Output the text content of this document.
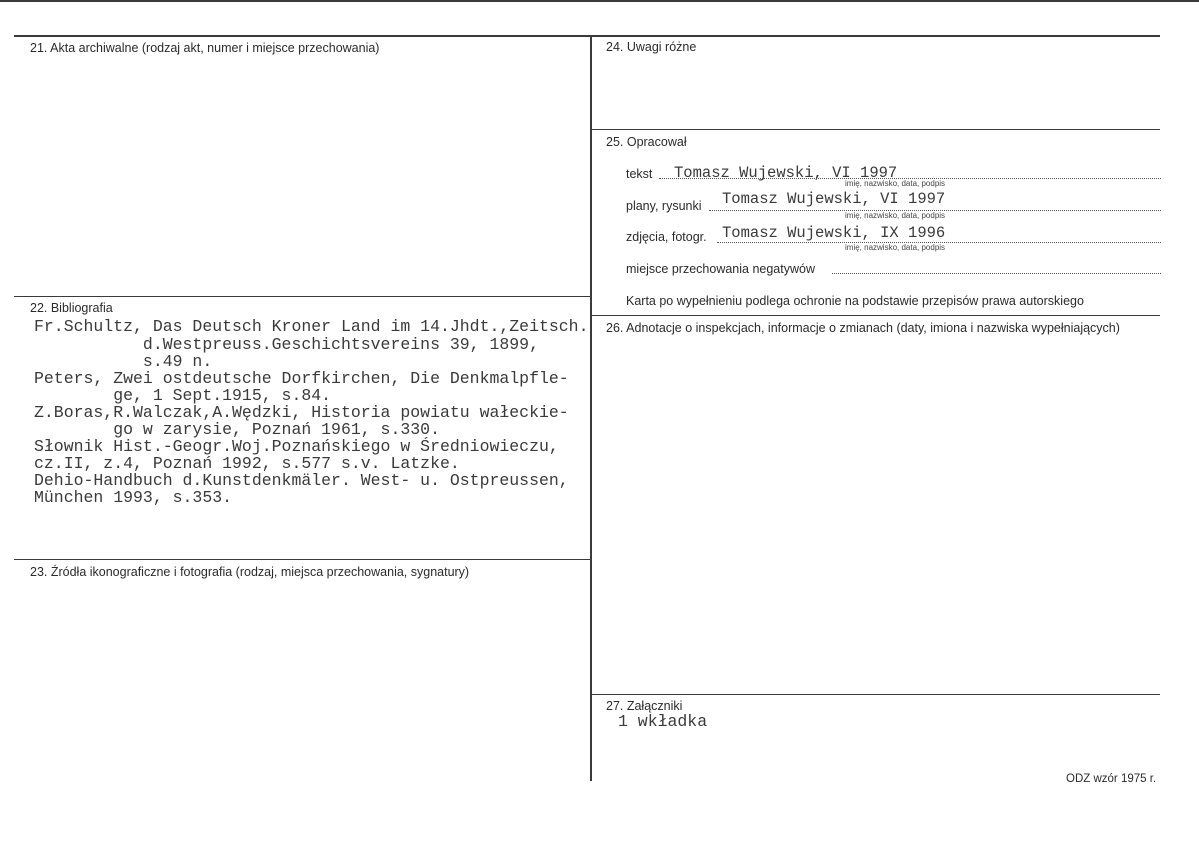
21. Akta archiwalne (rodzaj akt, numer i miejsce przechowania)
22. Bibliografia
Fr.Schultz, Das Deutsch Kroner Land im 14.Jhdt.,Zeitsch.
d.Westpreuss.Geschichtsvereins 39, 1899,
s.49 n.
Peters, Zwei ostdeutsche Dorfkirchen, Die Denkmalpfle-
ge, 1 Sept.1915, s.84.
Z.Boras,R.Walczak,A.Wędzki, Historia powiatu wałeckie-
go w zarysie, Poznań 1961, s.330.
Słownik Hist.-Geogr.Woj.Poznańskiego w Średniowieczu,
cz.II, z.4, Poznań 1992, s.577 s.v. Latzke.
Dehio-Handbuch d.Kunstdenkmäler. West- u. Ostpreussen,
München 1993, s.353.
23. Źródła ikonograficzne i fotografia (rodzaj, miejsca przechowania, sygnatury)
24. Uwagi różne
25. Opracował
tekst Tomasz Wujewski, VI 1997
imię, nazwisko, data, podpis
plany, rysunki Tomasz Wujewski, VI 1997
imię, nazwisko, data, podpis
zdjęcia, fotogr. Tomasz Wujewski, IX 1996
imię, nazwisko, data, podpis
miejsce przechowania negatywów
Karta po wypełnieniu podlega ochronie na podstawie przepisów prawa autorskiego
26. Adnotacje o inspekcjach, informacje o zmianach (daty, imiona i nazwiska wypełniających)
27. Załączniki
1 wkładka
ODZ wzór 1975 r.
